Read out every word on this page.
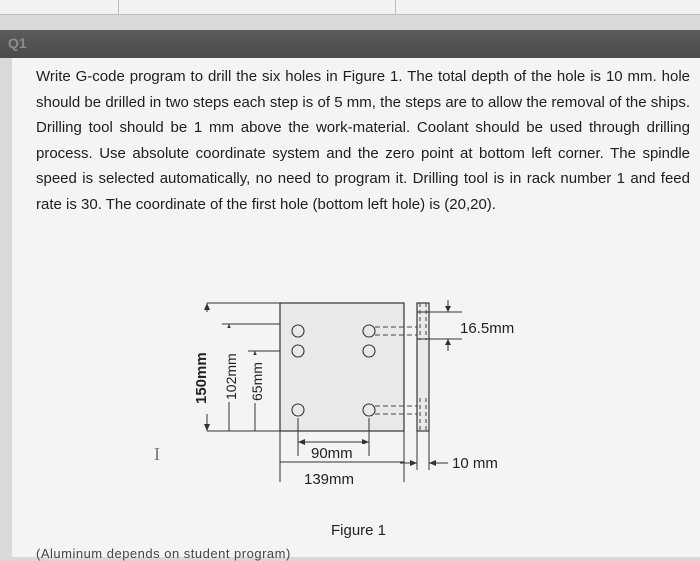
Q1
Write G-code program to drill the six holes in Figure 1. The total depth of the hole is 10 mm. hole should be drilled in two steps each step is of 5 mm, the steps are to allow the removal of the ships. Drilling tool should be 1 mm above the work-material. Coolant should be used through drilling process. Use absolute coordinate system and the zero point at bottom left corner. The spindle speed is selected automatically, no need to program it. Drilling tool is in rack number 1 and feed rate is 30. The coordinate of the first hole (bottom left hole) is (20,20).
16.5mm
150mm 102mm 65mm
90mm
139mm
10 mm
Figure 1
I
(Aluminum depends on student program)
